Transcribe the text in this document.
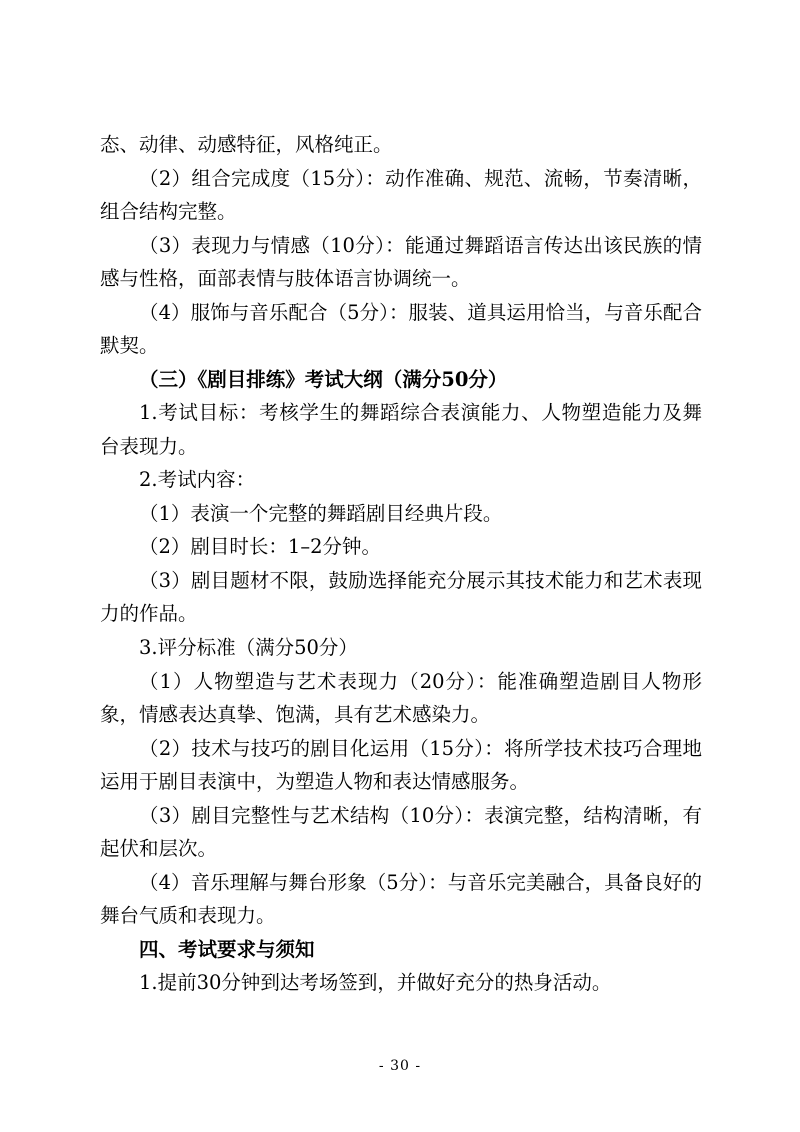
态、动律、动感特征，风格纯正。

（2）组合完成度（15分）：动作准确、规范、流畅，节奏清晰，组合结构完整。

（3）表现力与情感（10分）：能通过舞蹈语言传达出该民族的情感与性格，面部表情与肢体语言协调统一。

（4）服饰与音乐配合（5分）：服装、道具运用恰当，与音乐配合默契。

（三）《剧目排练》考试大纲（满分50分）

1.考试目标：考核学生的舞蹈综合表演能力、人物塑造能力及舞台表现力。

2.考试内容：

（1）表演一个完整的舞蹈剧目经典片段。

（2）剧目时长：1–2分钟。

（3）剧目题材不限，鼓励选择能充分展示其技术能力和艺术表现力的作品。

3.评分标准（满分50分）

（1）人物塑造与艺术表现力（20分）：能准确塑造剧目人物形象，情感表达真挚、饱满，具有艺术感染力。

（2）技术与技巧的剧目化运用（15分）：将所学技术技巧合理地运用于剧目表演中，为塑造人物和表达情感服务。

（3）剧目完整性与艺术结构（10分）：表演完整，结构清晰，有起伏和层次。

（4）音乐理解与舞台形象（5分）：与音乐完美融合，具备良好的舞台气质和表现力。

四、考试要求与须知

1.提前30分钟到达考场签到，并做好充分的热身活动。

- 30 -
